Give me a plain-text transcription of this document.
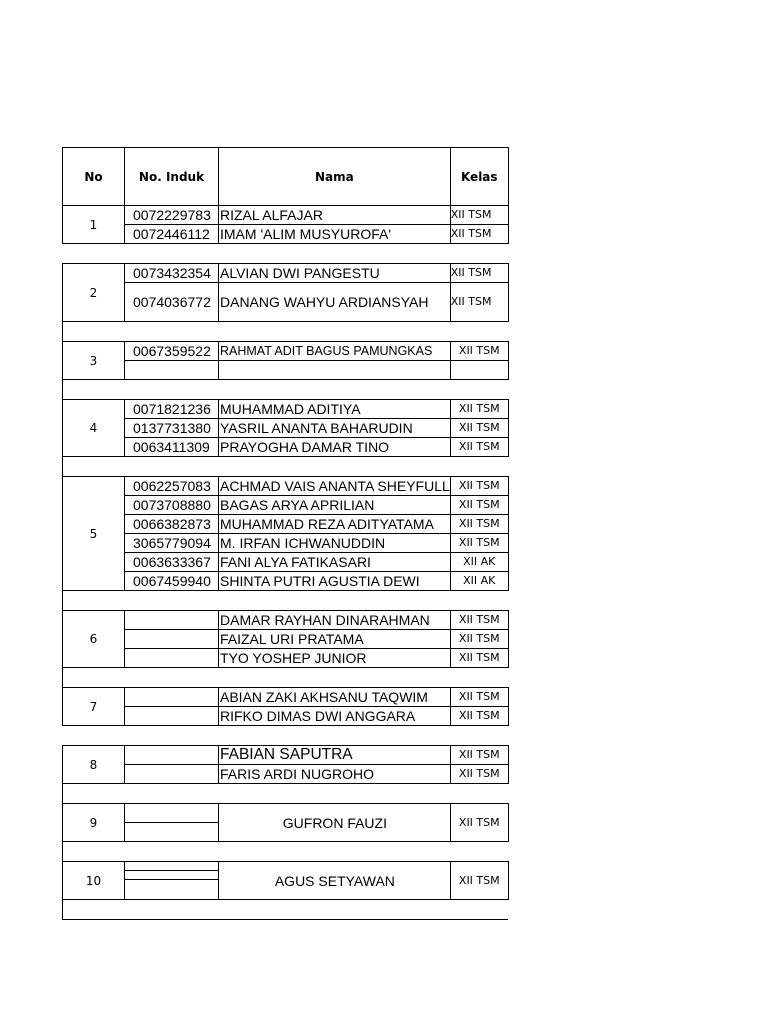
No	No. Induk	Nama	Kelas
1	0072229783	RIZAL ALFAJAR	XII TSM
	0072446112	IMAM 'ALIM MUSYUROFA'	XII TSM

2	0073432354	ALVIAN DWI PANGESTU	XII TSM
	0074036772	DANANG WAHYU ARDIANSYAH	XII TSM

3	0067359522	RAHMAT ADIT BAGUS PAMUNGKAS	XII TSM

4	0071821236	MUHAMMAD ADITIYA	XII TSM
	0137731380	YASRIL ANANTA BAHARUDIN	XII TSM
	0063411309	PRAYOGHA DAMAR TINO	XII TSM

5	0062257083	ACHMAD VAIS ANANTA SHEYFULL	XII TSM
	0073708880	BAGAS ARYA APRILIAN	XII TSM
	0066382873	MUHAMMAD REZA ADITYATAMA	XII TSM
	3065779094	M. IRFAN ICHWANUDDIN	XII TSM
	0063633367	FANI ALYA FATIKASARI	XII AK
	0067459940	SHINTA PUTRI AGUSTIA DEWI	XII AK

6		DAMAR RAYHAN DINARAHMAN	XII TSM
		FAIZAL URI PRATAMA	XII TSM
		TYO YOSHEP JUNIOR	XII TSM

7		ABIAN ZAKI AKHSANU TAQWIM	XII TSM
		RIFKO DIMAS DWI ANGGARA	XII TSM

8		FABIAN SAPUTRA	XII TSM
		FARIS ARDI NUGROHO	XII TSM

9		GUFRON FAUZI	XII TSM

10		AGUS SETYAWAN	XII TSM
